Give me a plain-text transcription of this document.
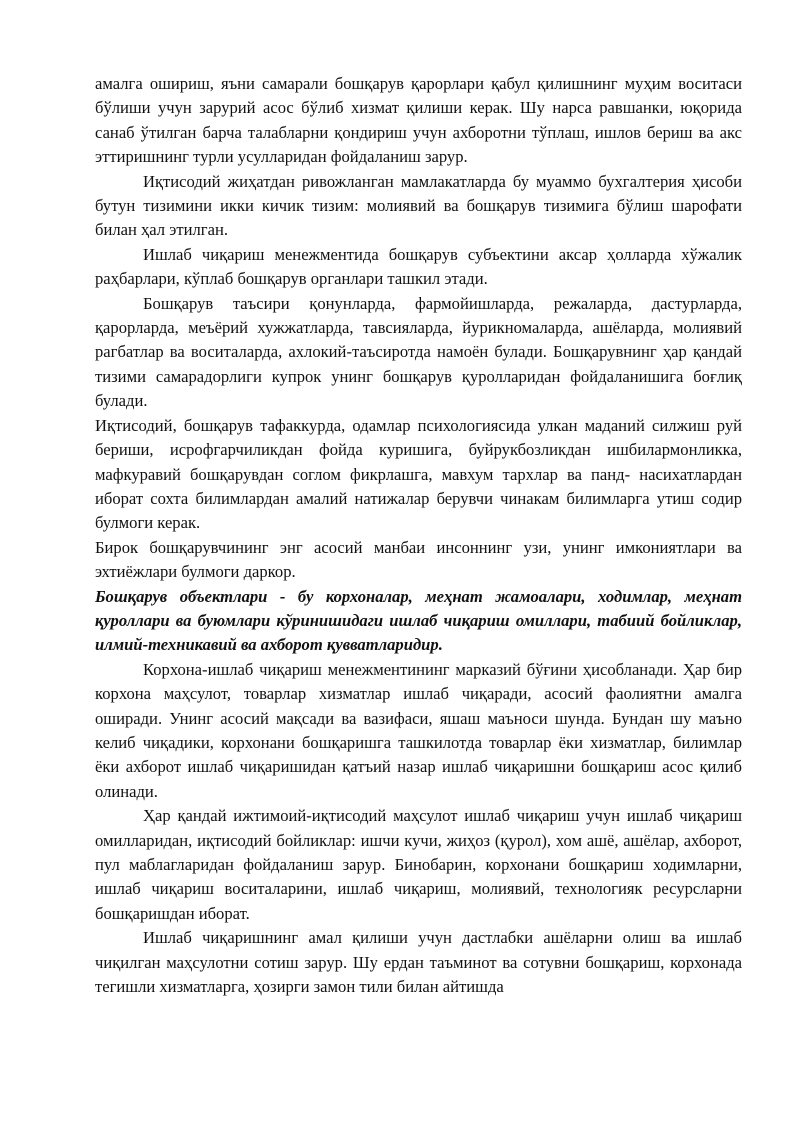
амалга ошириш, яъни самарали бошқарув қарорлари қабул қилишнинг муҳим воситаси бўлиши учун зарурий асос бўлиб хизмат қилиши керак. Шу нарса равшанки, юқорида санаб ўтилган барча талабларни қондириш учун ахборотни тўплаш, ишлов бериш ва акс эттиришнинг турли усулларидан фойдаланиш зарур.

Иқтисодий жиҳатдан ривожланган мамлакатларда бу муаммо бухгалтерия ҳисоби бутун тизимини икки кичик тизим: молиявий ва бошқарув тизимига бўлиш шарофати билан ҳал этилган.

Ишлаб чиқариш менежментида бошқарув субъектини аксар ҳолларда хўжалик раҳбарлари, кўплаб бошқарув органлари ташкил этади.

Бошқарув таъсири қонунларда, фармойишларда, режаларда, дастурларда, қарорларда, меъёрий хужжатларда, тавсияларда, йурикномаларда, ашёларда, молиявий рагбатлар ва воситаларда, ахлокий-таъсиротда намоён булади. Бошқарувнинг ҳар қандай тизими самарадорлиги купрок унинг бошқарув қуролларидан фойдаланишига боғлиқ булади.

Иқтисодий, бошқарув тафаккурда, одамлар психологиясида улкан маданий силжиш руй бериши, исрофгарчиликдан фойда куришига, буйрукбозликдан ишбилармонликка, мафкуравий бошқарувдан соглом фикрлашга, мавхум тархлар ва панд- насихатлардан иборат сохта билимлардан амалий натижалар берувчи чинакам билимларга утиш содир булмоги керак.

Бирок бошқарувчининг энг асосий манбаи инсоннинг узи, унинг имкониятлари ва эхтиёжлари булмоги даркор.

Бошқарув объектлари - бу корхоналар, меҳнат жамоалари, ходимлар, меҳнат қуроллари ва буюмлари кўринишидаги ишлаб чиқариш омиллари, табиий бойликлар, илмий-техникавий ва ахборот қувватларидир.

Корхона-ишлаб чиқариш менежментининг марказий бўғини ҳисобланади. Ҳар бир корхона маҳсулот, товарлар хизматлар ишлаб чиқаради, асосий фаолиятни амалга оширади. Унинг асосий мақсади ва вазифаси, яшаш маъноси шунда. Бундан шу маъно келиб чиқадики, корхонани бошқаришга ташкилотда товарлар ёки хизматлар, билимлар ёки ахборот ишлаб чиқаришидан қатъий назар ишлаб чиқаришни бошқариш асос қилиб олинади.

Ҳар қандай ижтимоий-иқтисодий маҳсулот ишлаб чиқариш учун ишлаб чиқариш омилларидан, иқтисодий бойликлар: ишчи кучи, жиҳоз (қурол), хом ашё, ашёлар, ахборот, пул маблагларидан фойдаланиш зарур. Бинобарин, корхонани бошқариш ходимларни, ишлаб чиқариш воситаларини, ишлаб чиқариш, молиявий, технологияк ресурсларни бошқаришдан иборат.

Ишлаб чиқаришнинг амал қилиши учун дастлабки ашёларни олиш ва ишлаб чиқилган маҳсулотни сотиш зарур. Шу ердан таъминот ва сотувни бошқариш, корхонада тегишли хизматларга, ҳозирги замон тили билан айтишда
